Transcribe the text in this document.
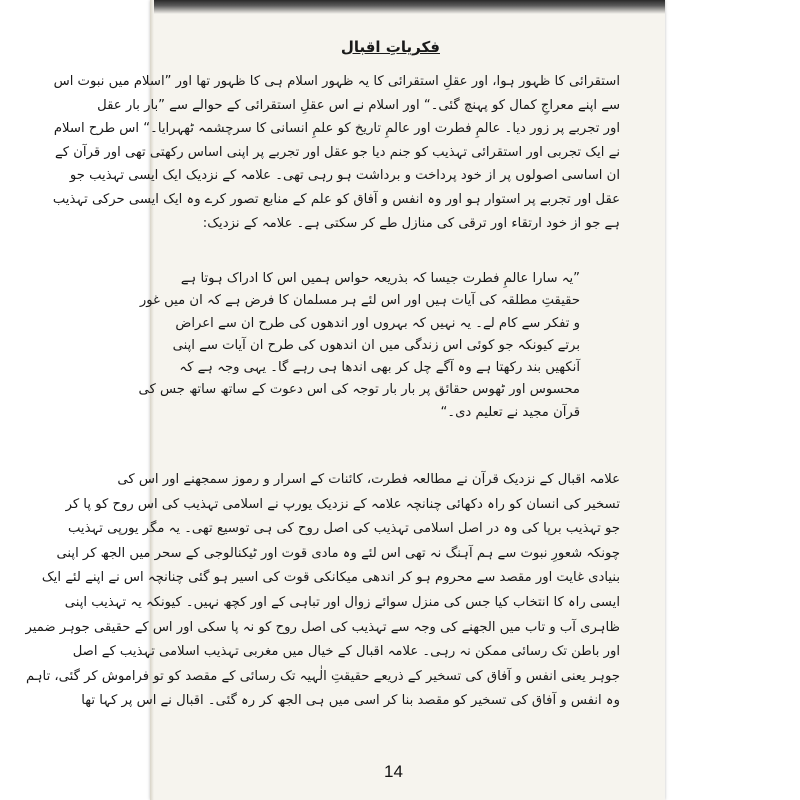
فکریاتِ اقبال
استقرائی کا ظہور ہوا، اور عقلِ استقرائی کا یہ ظہور اسلام ہی کا ظہور تھا اور ”اسلام میں نبوت اس
سے اپنے معراجِ کمال کو پہنچ گئی۔“ اور اسلام نے اس عقلِ استقرائی کے حوالے سے ”بار بار عقل
اور تجربے پر زور دیا۔ عالمِ فطرت اور عالمِ تاریخ کو علمِ انسانی کا سرچشمہ ٹھہرایا۔“ اس طرح اسلام
نے ایک تجربی اور استقرائی تہذیب کو جنم دیا جو عقل اور تجربے پر اپنی اساس رکھتی تھی اور قرآن کے
ان اساسی اصولوں پر از خود پرداخت و برداشت ہو رہی تھی۔ علامہ کے نزدیک ایک ایسی تہذیب جو
عقل اور تجربے پر استوار ہو اور وہ انفس و آفاق کو علم کے منابع تصور کرے وہ ایک ایسی حرکی تہذیب
ہے جو از خود ارتقاء اور ترقی کی منازل طے کر سکتی ہے۔ علامہ کے نزدیک:
”یہ سارا عالمِ فطرت جیسا کہ بذریعہ حواس ہمیں اس کا ادراک ہوتا ہے
حقیقتِ مطلقہ کی آیات ہیں اور اس لئے ہر مسلمان کا فرض ہے کہ ان میں غور
و تفکر سے کام لے۔ یہ نہیں کہ بہروں اور اندھوں کی طرح ان سے اعراض
برتے کیونکہ جو کوئی اس زندگی میں ان اندھوں کی طرح ان آیات سے اپنی
آنکھیں بند رکھتا ہے وہ آگے چل کر بھی اندھا ہی رہے گا۔ یہی وجہ ہے کہ
محسوس اور ٹھوس حقائق پر بار بار توجہ کی اس دعوت کے ساتھ ساتھ جس کی
قرآن مجید نے تعلیم دی۔“
علامہ اقبال کے نزدیک قرآن نے مطالعہ فطرت، کائنات کے اسرار و رموز سمجھنے اور اس کی
تسخیر کی انسان کو راہ دکھائی چنانچہ علامہ کے نزدیک یورپ نے اسلامی تہذیب کی اس روح کو پا کر
جو تہذیب برپا کی وہ در اصل اسلامی تہذیب کی اصل روح کی ہی توسیع تھی۔ یہ مگر یورپی تہذیب
چونکہ شعورِ نبوت سے ہم آہنگ نہ تھی اس لئے وہ مادی قوت اور ٹیکنالوجی کے سحر میں الجھ کر اپنی
بنیادی غایت اور مقصد سے محروم ہو کر اندھی میکانکی قوت کی اسیر ہو گئی چنانچہ اس نے اپنے لئے ایک
ایسی راہ کا انتخاب کیا جس کی منزل سوائے زوال اور تباہی کے اور کچھ نہیں۔ کیونکہ یہ تہذیب اپنی
ظاہری آب و تاب میں الجھنے کی وجہ سے تہذیب کی اصل روح کو نہ پا سکی اور اس کے حقیقی جوہر ضمیر
اور باطن تک رسائی ممکن نہ رہی۔ علامہ اقبال کے خیال میں مغربی تہذیب اسلامی تہذیب کے اصل
جوہر یعنی انفس و آفاق کی تسخیر کے ذریعے حقیقتِ الٰہیہ تک رسائی کے مقصد کو تو فراموش کر گئی، تاہم
وہ انفس و آفاق کی تسخیر کو مقصد بنا کر اسی میں ہی الجھ کر رہ گئی۔ اقبال نے اس پر کہا تھا

14
